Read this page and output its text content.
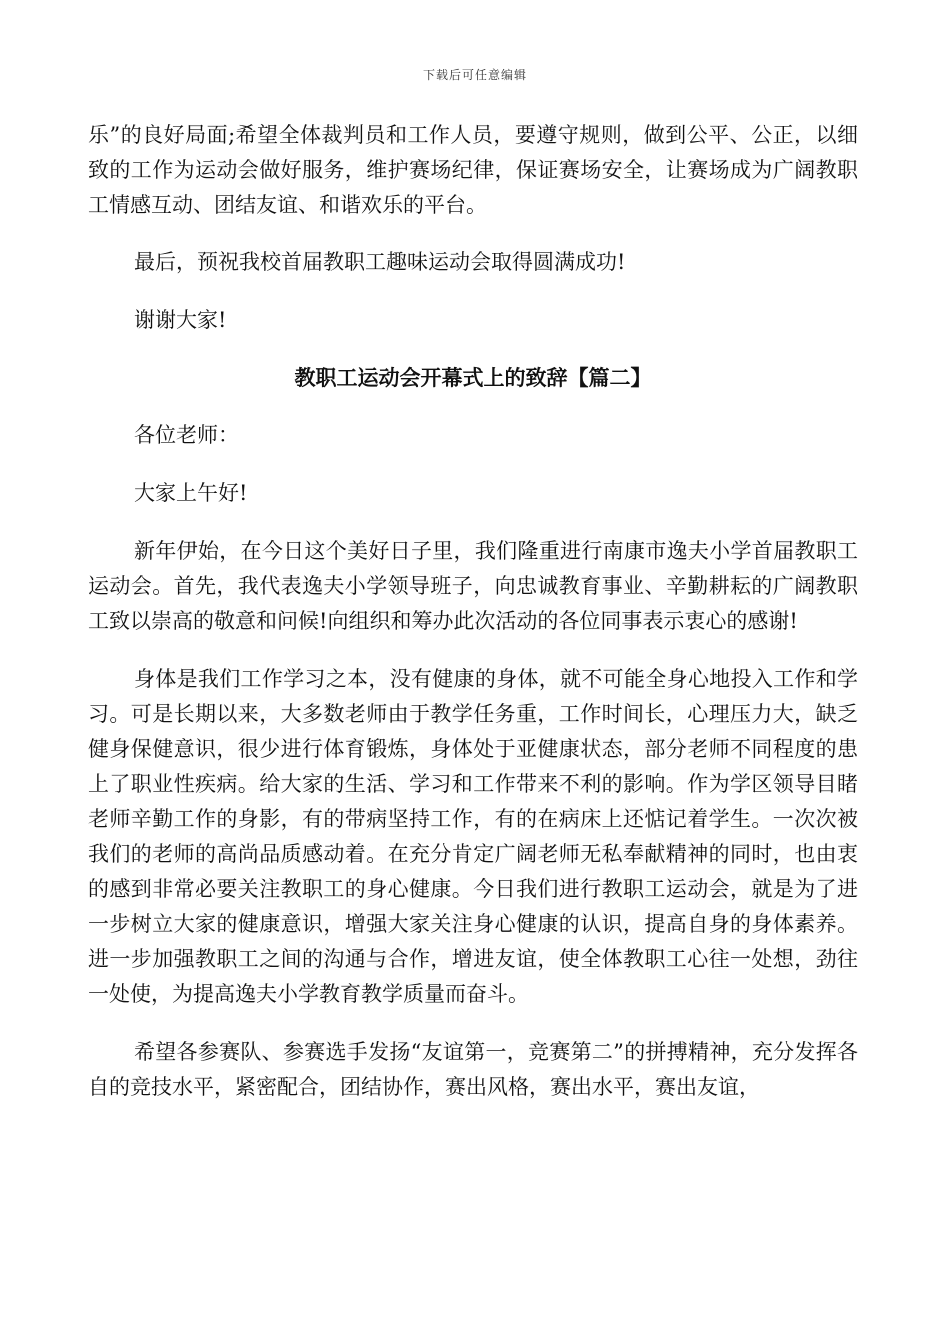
下载后可任意编辑

乐”的良好局面;希望全体裁判员和工作人员，要遵守规则，做到公平、公正，以细致的工作为运动会做好服务，维护赛场纪律，保证赛场安全，让赛场成为广阔教职工情感互动、团结友谊、和谐欢乐的平台。

最后，预祝我校首届教职工趣味运动会取得圆满成功!

谢谢大家!

教职工运动会开幕式上的致辞【篇二】

各位老师：

大家上午好!

新年伊始，在今日这个美好日子里，我们隆重进行南康市逸夫小学首届教职工运动会。首先，我代表逸夫小学领导班子，向忠诚教育事业、辛勤耕耘的广阔教职工致以崇高的敬意和问候!向组织和筹办此次活动的各位同事表示衷心的感谢!

身体是我们工作学习之本，没有健康的身体，就不可能全身心地投入工作和学习。可是长期以来，大多数老师由于教学任务重，工作时间长，心理压力大，缺乏健身保健意识，很少进行体育锻炼，身体处于亚健康状态，部分老师不同程度的患上了职业性疾病。给大家的生活、学习和工作带来不利的影响。作为学区领导目睹老师辛勤工作的身影，有的带病坚持工作，有的在病床上还惦记着学生。一次次被我们的老师的高尚品质感动着。在充分肯定广阔老师无私奉献精神的同时，也由衷的感到非常必要关注教职工的身心健康。今日我们进行教职工运动会，就是为了进一步树立大家的健康意识，增强大家关注身心健康的认识，提高自身的身体素养。进一步加强教职工之间的沟通与合作，增进友谊，使全体教职工心往一处想，劲往一处使，为提高逸夫小学教育教学质量而奋斗。

希望各参赛队、参赛选手发扬“友谊第一，竞赛第二”的拼搏精神，充分发挥各自的竞技水平，紧密配合，团结协作，赛出风格，赛出水平，赛出友谊，
